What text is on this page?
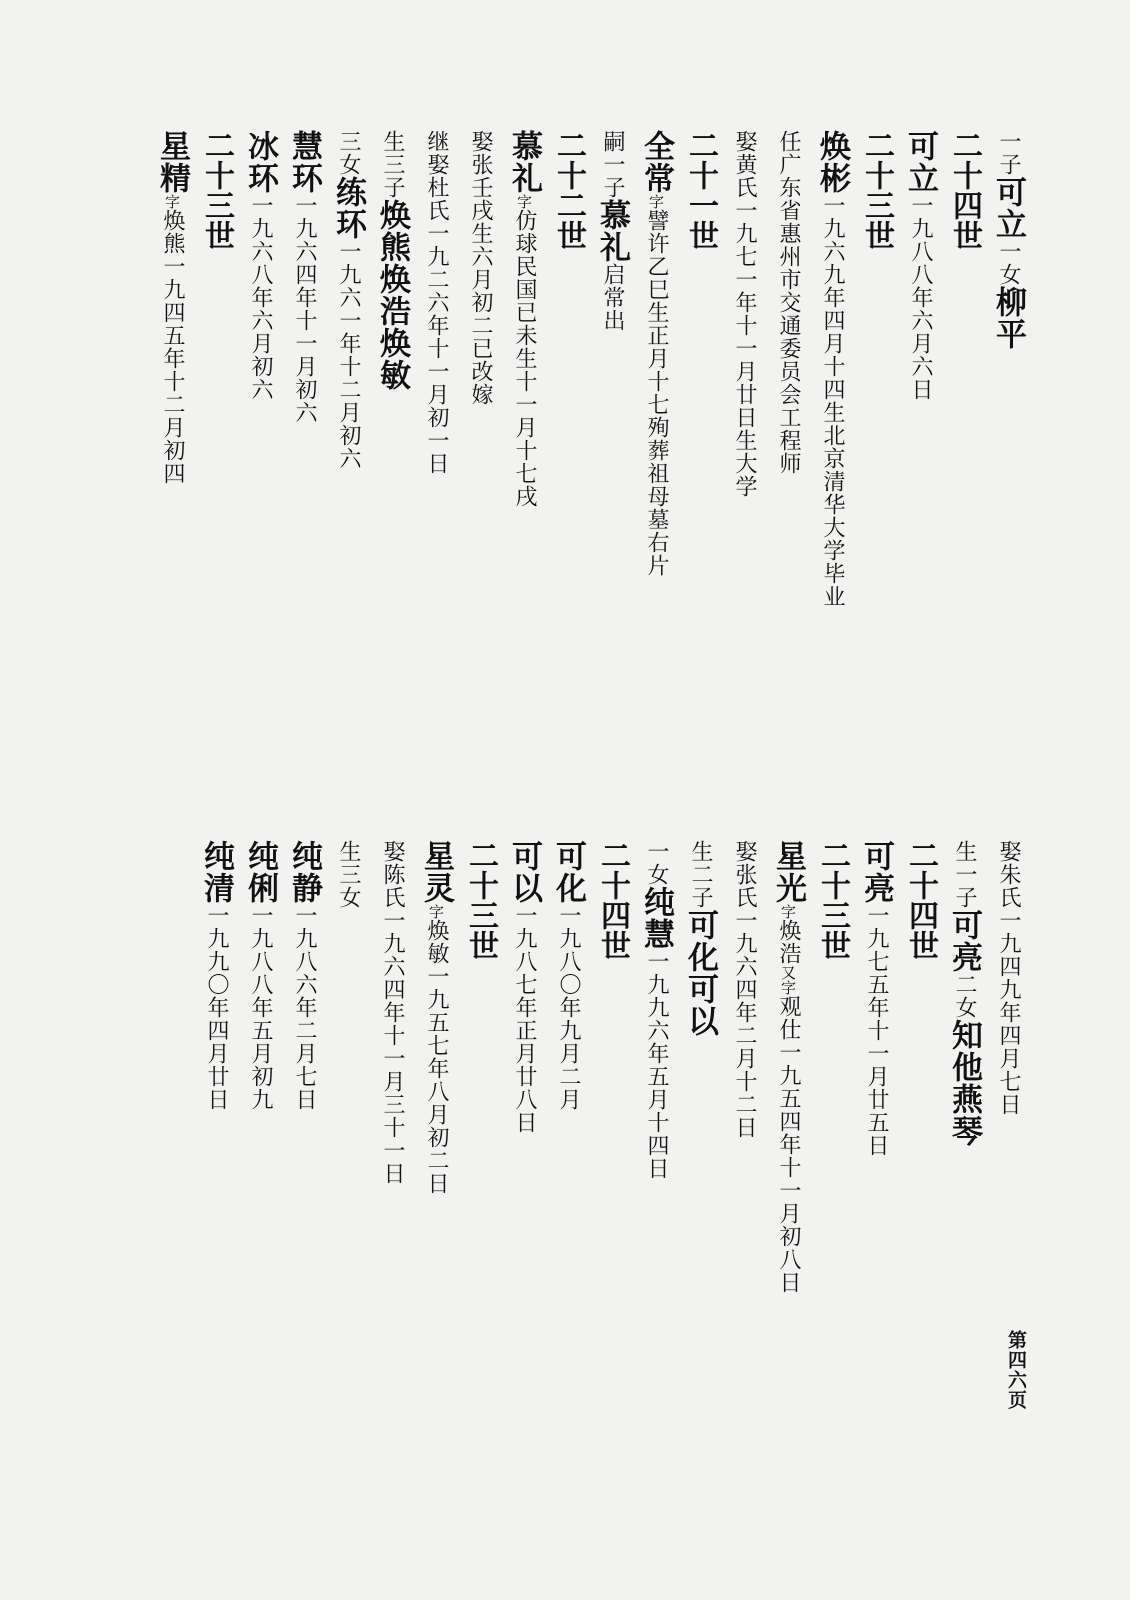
一子可立一女柳平
二十四世
可立一九八八年六月六日
二十三世
焕彬一九六九年四月十四生北京清华大学毕业
任广东省惠州市交通委员会工程师
娶黄氏一九七一年十一月廿日生大学
二十一世
全常字譬许乙巳生正月十七殉葬祖母墓右片
嗣一子慕礼启常出
二十二世
慕礼字仿球民国已未生十一月十七戌
娶张壬戌生六月初二已改嫁
继娶杜氏一九二六年十一月初一日
生三子焕熊焕浩焕敏
三女练环一九六一年十二月初六
慧环一九六四年十一月初六
冰环一九六八年六月初六
二十三世
星精字焕熊一九四五年十二月初四
娶朱氏一九四九年四月七日
生一子可亮二女知他燕琴
二十四世
可亮一九七五年十一月廿五日
二十三世
星光字焕浩又字观仕一九五四年十一月初八日
娶张氏一九六四年二月十二日
生二子可化可以
一女纯慧一九九六年五月十四日
二十四世
可化一九八〇年九月二月
可以一九八七年正月廿八日
二十三世
星灵字焕敏一九五七年八月初二日
娶陈氏一九六四年十一月三十一日
生三女
纯静一九八六年二月七日
纯俐一九八八年五月初九
纯清一九九〇年四月廿日
第四六页
